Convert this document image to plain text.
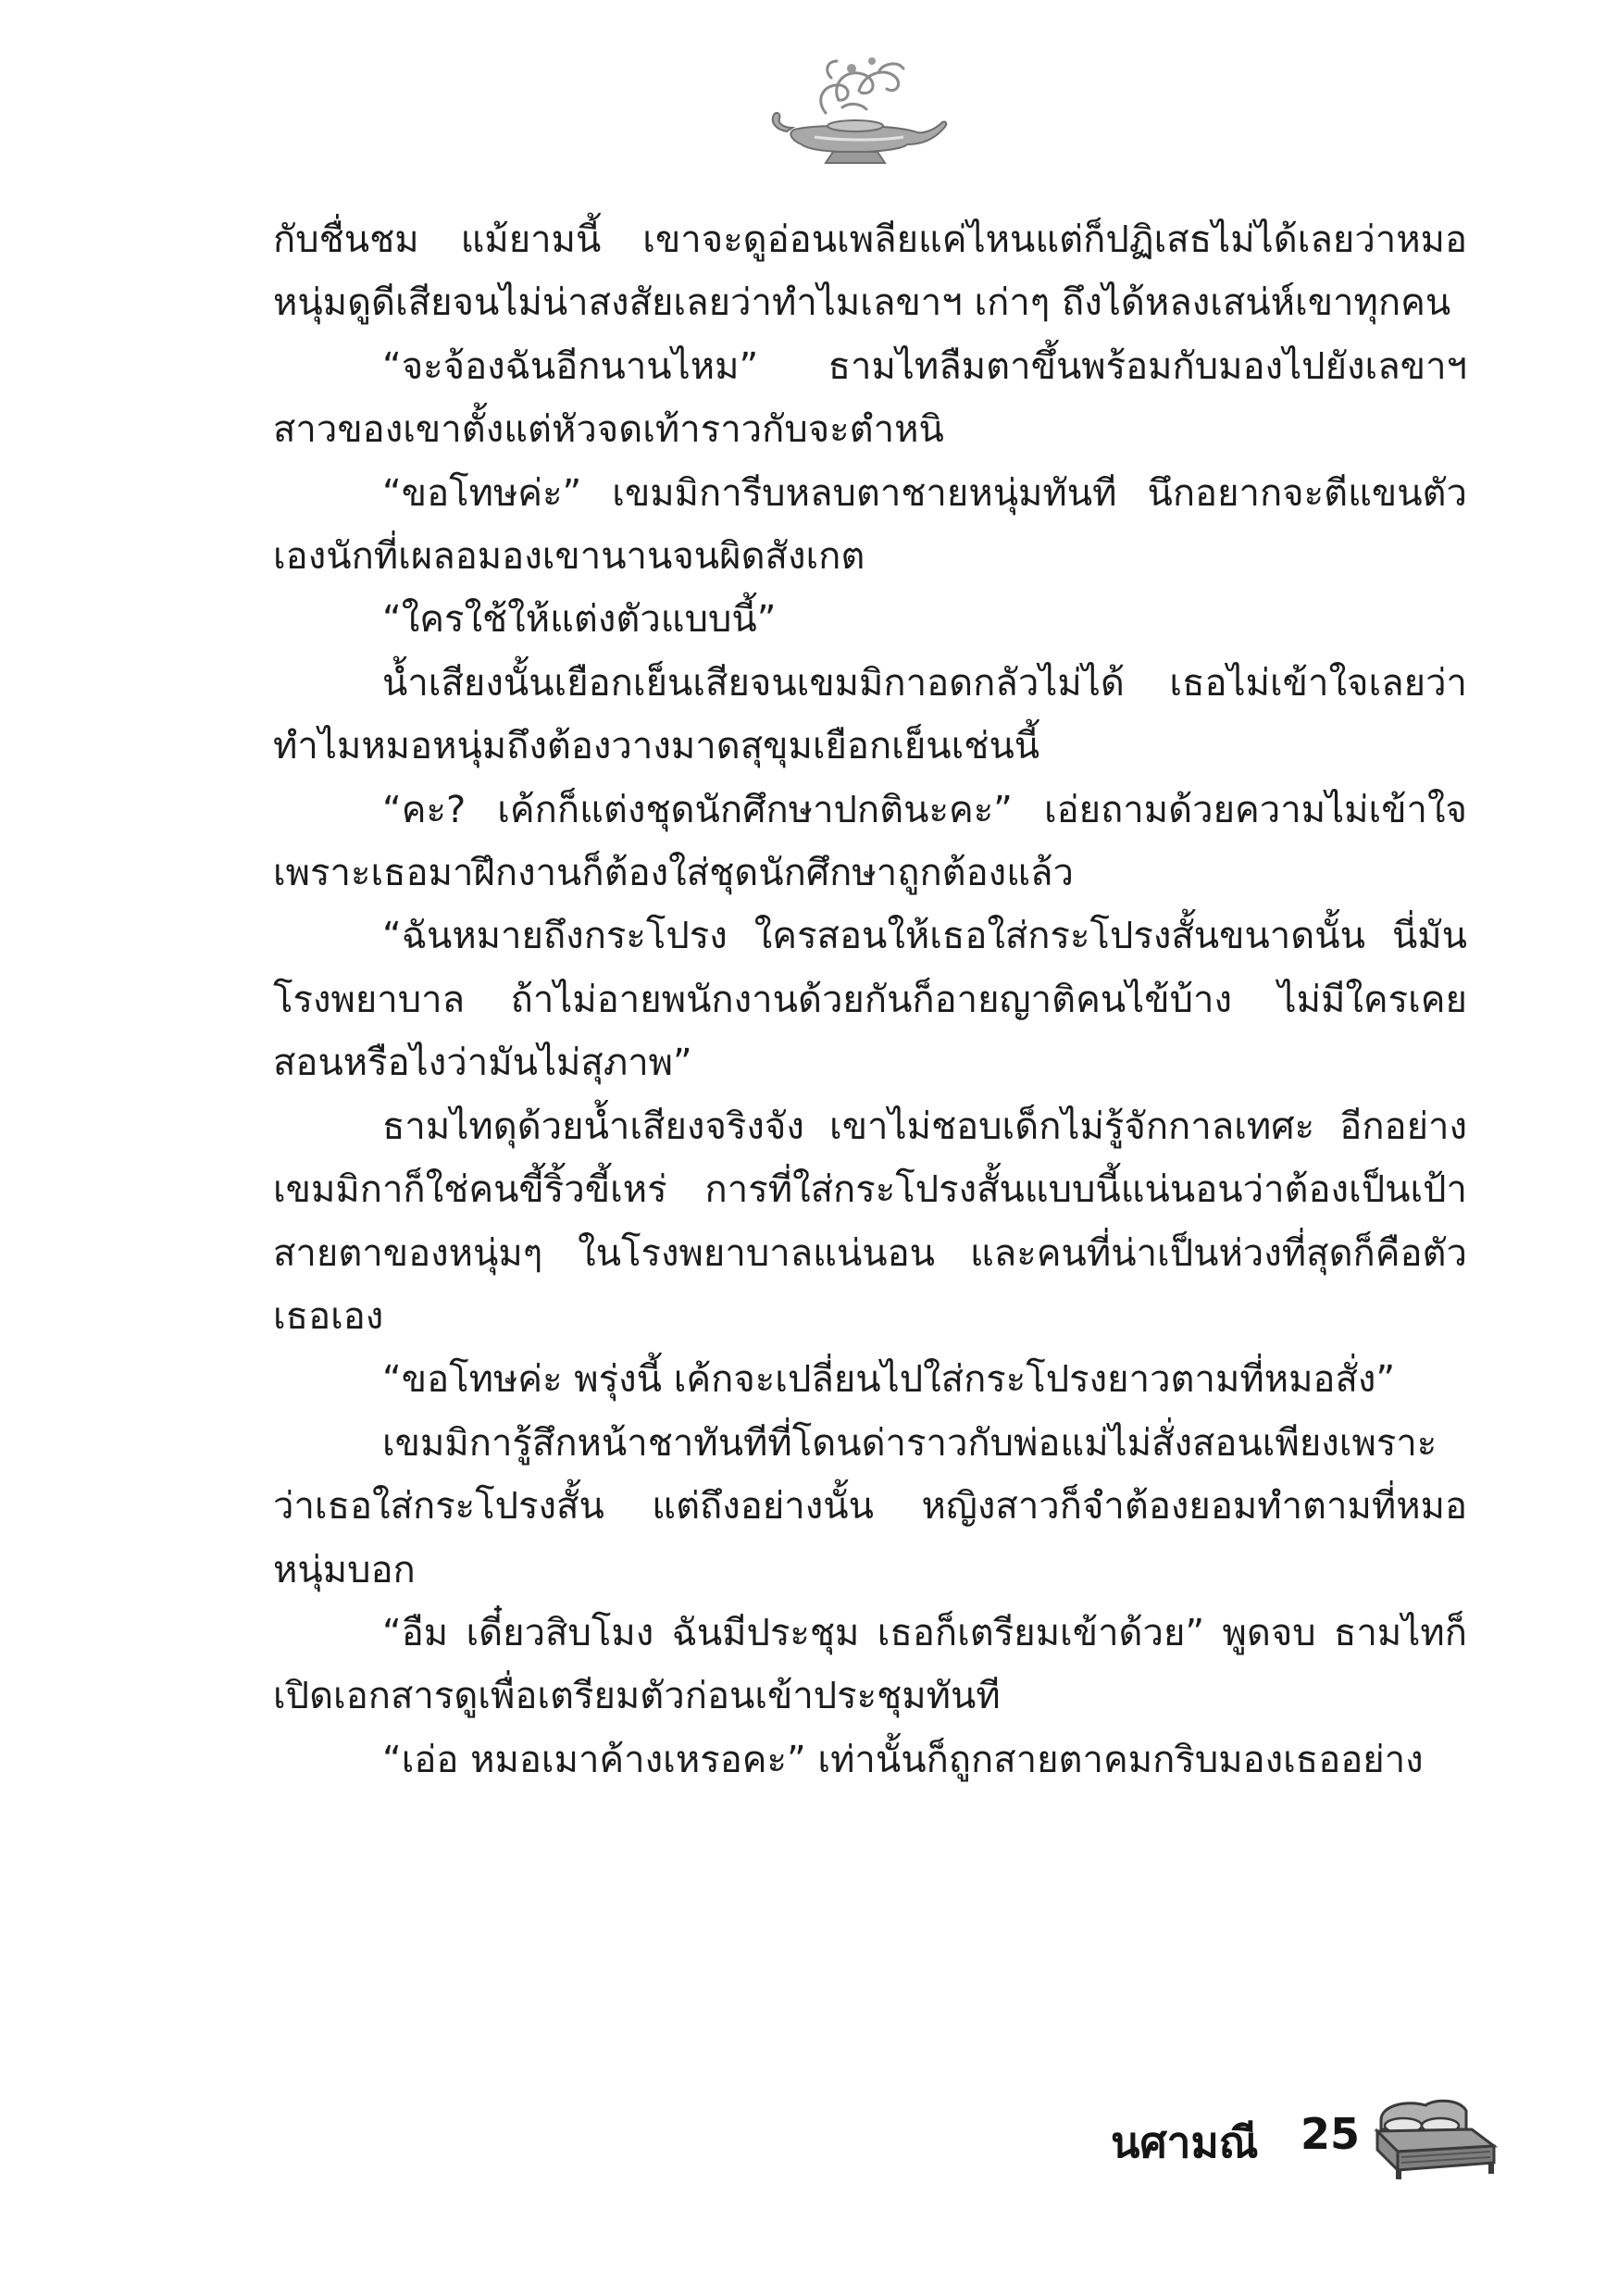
กับชื่นชม แม้ยามนี้ เขาจะดูอ่อนเพลียแค่ไหนแต่ก็ปฏิเสธไม่ได้เลยว่าหมอหนุ่มดูดีเสียจนไม่น่าสงสัยเลยว่าทำไมเลขาฯ เก่าๆ ถึงได้หลงเสน่ห์เขาทุกคน

“จะจ้องฉันอีกนานไหม” ธามไทลืมตาขึ้นพร้อมกับมองไปยังเลขาฯ สาวของเขาตั้งแต่หัวจดเท้าราวกับจะตำหนิ

“ขอโทษค่ะ” เขมมิการีบหลบตาชายหนุ่มทันที นึกอยากจะตีแขนตัวเองนักที่เผลอมองเขานานจนผิดสังเกต

“ใครใช้ให้แต่งตัวแบบนี้”

น้ำเสียงนั้นเยือกเย็นเสียจนเขมมิกาอดกลัวไม่ได้ เธอไม่เข้าใจเลยว่าทำไมหมอหนุ่มถึงต้องวางมาดสุขุมเยือกเย็นเช่นนี้

“คะ? เค้กก็แต่งชุดนักศึกษาปกตินะคะ” เอ่ยถามด้วยความไม่เข้าใจเพราะเธอมาฝึกงานก็ต้องใส่ชุดนักศึกษาถูกต้องแล้ว

“ฉันหมายถึงกระโปรง ใครสอนให้เธอใส่กระโปรงสั้นขนาดนั้น นี่มันโรงพยาบาล ถ้าไม่อายพนักงานด้วยกันก็อายญาติคนไข้บ้าง ไม่มีใครเคยสอนหรือไงว่ามันไม่สุภาพ”

ธามไทดุด้วยน้ำเสียงจริงจัง เขาไม่ชอบเด็กไม่รู้จักกาลเทศะ อีกอย่างเขมมิกาก็ใช่คนขี้ริ้วขี้เหร่ การที่ใส่กระโปรงสั้นแบบนี้แน่นอนว่าต้องเป็นเป้าสายตาของหนุ่มๆ ในโรงพยาบาลแน่นอน และคนที่น่าเป็นห่วงที่สุดก็คือตัวเธอเอง

“ขอโทษค่ะ พรุ่งนี้ เค้กจะเปลี่ยนไปใส่กระโปรงยาวตามที่หมอสั่ง”

เขมมิการู้สึกหน้าชาทันทีที่โดนด่าราวกับพ่อแม่ไม่สั่งสอนเพียงเพราะว่าเธอใส่กระโปรงสั้น แต่ถึงอย่างนั้น หญิงสาวก็จำต้องยอมทำตามที่หมอหนุ่มบอก

“อืม เดี๋ยวสิบโมง ฉันมีประชุม เธอก็เตรียมเข้าด้วย” พูดจบ ธามไทก็เปิดเอกสารดูเพื่อเตรียมตัวก่อนเข้าประชุมทันที

“เอ่อ หมอเมาค้างเหรอคะ” เท่านั้นก็ถูกสายตาคมกริบมองเธออย่าง

นศามณี 25
